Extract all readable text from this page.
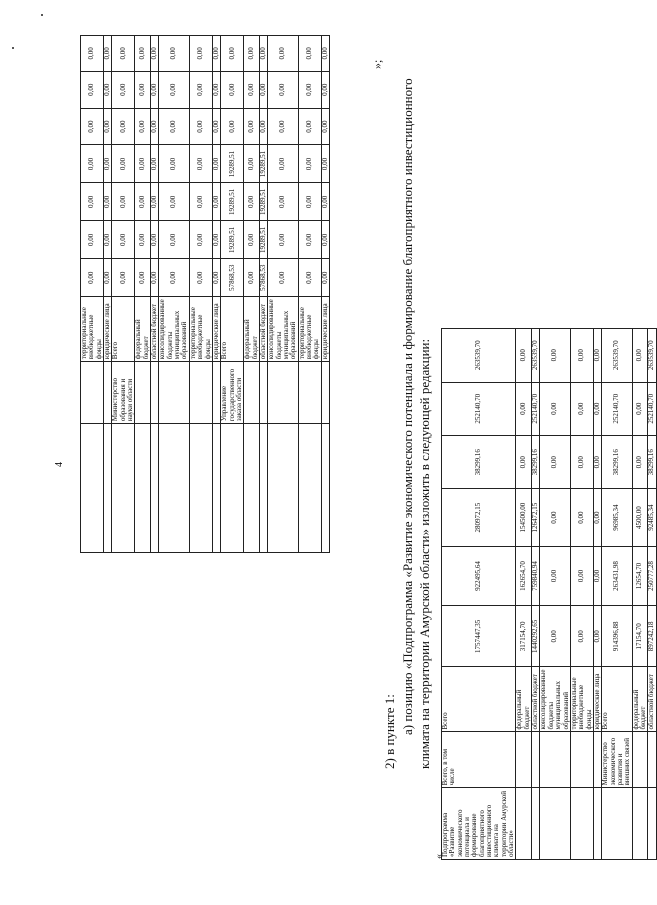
4
		территориальные внебюджетные фонды	0,00	0,00	0,00	0,00	0,00	0,00	0,00
		юридические лица	0,00	0,00	0,00	0,00	0,00	0,00	0,00
	Министерство образования и науки области	Всего	0,00	0,00	0,00	0,00	0,00	0,00	0,00
		федеральный бюджет	0,00	0,00	0,00	0,00	0,00	0,00	0,00
		областной бюджет	0,00	0,00	0,00	0,00	0,00	0,00	0,00
		консолидированные бюджеты муниципальных образований	0,00	0,00	0,00	0,00	0,00	0,00	0,00
		территориальные внебюджетные фонды	0,00	0,00	0,00	0,00	0,00	0,00	0,00
		юридические лица	0,00	0,00	0,00	0,00	0,00	0,00	0,00
	Управление государственного заказа области	Всего	57868,53	19289,51	19289,51	19289,51	0,00	0,00	0,00
		федеральный бюджет	0,00	0,00	0,00	0,00	0,00	0,00	0,00
		областной бюджет	57868,53	19289,51	19289,51	19289,51	0,00	0,00	0,00
		консолидированные бюджеты муниципальных образований	0,00	0,00	0,00	0,00	0,00	0,00	0,00
		территориальные внебюджетные фонды	0,00	0,00	0,00	0,00	0,00	0,00	0,00
		юридические лица	0,00	0,00	0,00	0,00	0,00	0,00	0,00
»;
2) в пункте 1: а) позицию «Подпрограмма «Развитие экономического потенциала и формирование благоприятного инвестиционного климата на территории Амурской области» изложить в следующей редакции:
«
Подпрограмма «Развитие экономического потенциала и формирование благоприятного инвестиционного климата на территории Амурской области»	Всего, в том числе	Всего	1757447,35	922495,64	280972,15	38299,16	252140,70	263539,70
		федеральный бюджет	317154,70	162654,70	154500,00	0,00	0,00	0,00
		областной бюджет	1440292,65	759840,94	126472,15	38299,16	252140,70	263539,70
		консолидированные бюджеты муниципальных образований	0,00	0,00	0,00	0,00	0,00	0,00
		территориальные внебюджетные фонды	0,00	0,00	0,00	0,00	0,00	0,00
		юридические лица	0,00	0,00	0,00	0,00	0,00	0,00
	Министерство экономического развития и внешних связей	Всего	914396,88	263431,98	96985,34	38299,16	252140,70	263539,70
		федеральный бюджет	17154,70	12654,70	4500,00	0,00	0,00	0,00
		областной бюджет	897242,18	250777,28	92485,34	38299,16	252140,70	263539,70
